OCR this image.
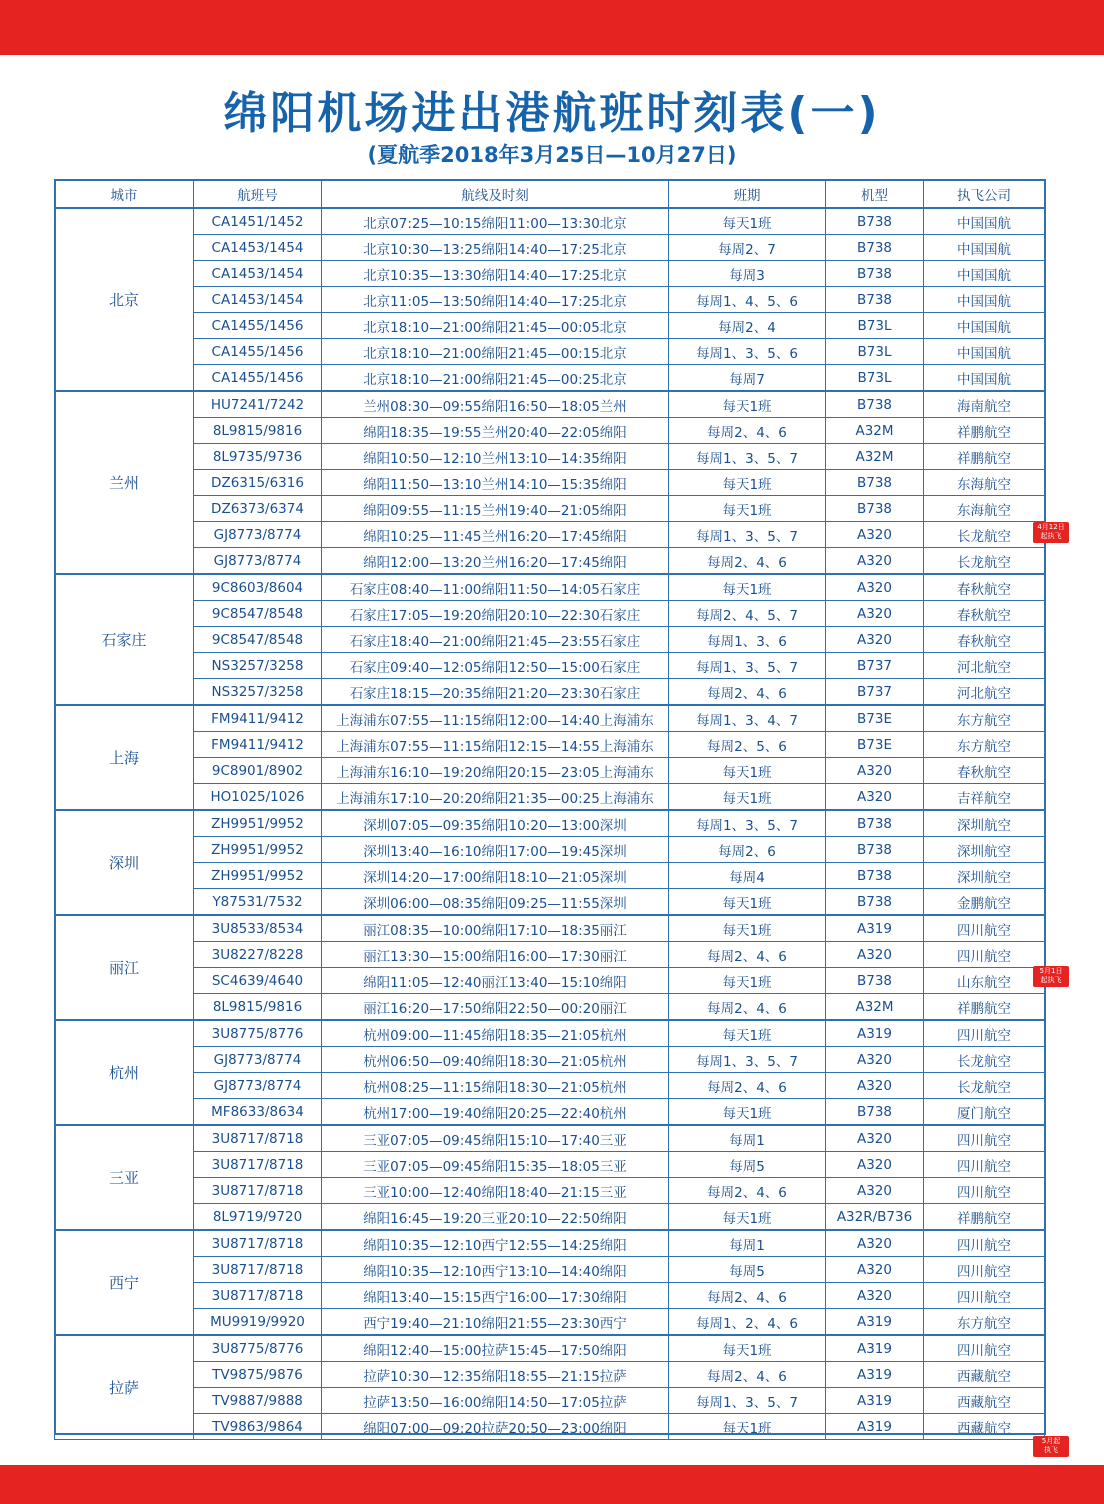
绵阳机场进出港航班时刻表(一)
(夏航季2018年3月25日—10月27日)
城市	航班号	航线及时刻	班期	机型	执飞公司
北京	CA1451/1452	北京07:25—10:15绵阳11:00—13:30北京	每天1班	B738	中国国航
	CA1453/1454	北京10:30—13:25绵阳14:40—17:25北京	每周2、7	B738	中国国航
	CA1453/1454	北京10:35—13:30绵阳14:40—17:25北京	每周3	B738	中国国航
	CA1453/1454	北京11:05—13:50绵阳14:40—17:25北京	每周1、4、5、6	B738	中国国航
	CA1455/1456	北京18:10—21:00绵阳21:45—00:05北京	每周2、4	B73L	中国国航
	CA1455/1456	北京18:10—21:00绵阳21:45—00:15北京	每周1、3、5、6	B73L	中国国航
	CA1455/1456	北京18:10—21:00绵阳21:45—00:25北京	每周7	B73L	中国国航
兰州	HU7241/7242	兰州08:30—09:55绵阳16:50—18:05兰州	每天1班	B738	海南航空
	8L9815/9816	绵阳18:35—19:55兰州20:40—22:05绵阳	每周2、4、6	A32M	祥鹏航空
	8L9735/9736	绵阳10:50—12:10兰州13:10—14:35绵阳	每周1、3、5、7	A32M	祥鹏航空
	DZ6315/6316	绵阳11:50—13:10兰州14:10—15:35绵阳	每天1班	B738	东海航空
	DZ6373/6374	绵阳09:55—11:15兰州19:40—21:05绵阳	每天1班	B738	东海航空
	GJ8773/8774	绵阳10:25—11:45兰州16:20—17:45绵阳	每周1、3、5、7	A320	长龙航空
	GJ8773/8774	绵阳12:00—13:20兰州16:20—17:45绵阳	每周2、4、6	A320	长龙航空
石家庄	9C8603/8604	石家庄08:40—11:00绵阳11:50—14:05石家庄	每天1班	A320	春秋航空
	9C8547/8548	石家庄17:05—19:20绵阳20:10—22:30石家庄	每周2、4、5、7	A320	春秋航空
	9C8547/8548	石家庄18:40—21:00绵阳21:45—23:55石家庄	每周1、3、6	A320	春秋航空
	NS3257/3258	石家庄09:40—12:05绵阳12:50—15:00石家庄	每周1、3、5、7	B737	河北航空
	NS3257/3258	石家庄18:15—20:35绵阳21:20—23:30石家庄	每周2、4、6	B737	河北航空
上海	FM9411/9412	上海浦东07:55—11:15绵阳12:00—14:40上海浦东	每周1、3、4、7	B73E	东方航空
	FM9411/9412	上海浦东07:55—11:15绵阳12:15—14:55上海浦东	每周2、5、6	B73E	东方航空
	9C8901/8902	上海浦东16:10—19:20绵阳20:15—23:05上海浦东	每天1班	A320	春秋航空
	HO1025/1026	上海浦东17:10—20:20绵阳21:35—00:25上海浦东	每天1班	A320	吉祥航空
深圳	ZH9951/9952	深圳07:05—09:35绵阳10:20—13:00深圳	每周1、3、5、7	B738	深圳航空
	ZH9951/9952	深圳13:40—16:10绵阳17:00—19:45深圳	每周2、6	B738	深圳航空
	ZH9951/9952	深圳14:20—17:00绵阳18:10—21:05深圳	每周4	B738	深圳航空
	Y87531/7532	深圳06:00—08:35绵阳09:25—11:55深圳	每天1班	B738	金鹏航空
丽江	3U8533/8534	丽江08:35—10:00绵阳17:10—18:35丽江	每天1班	A319	四川航空
	3U8227/8228	丽江13:30—15:00绵阳16:00—17:30丽江	每周2、4、6	A320	四川航空
	SC4639/4640	绵阳11:05—12:40丽江13:40—15:10绵阳	每天1班	B738	山东航空
	8L9815/9816	丽江16:20—17:50绵阳22:50—00:20丽江	每周2、4、6	A32M	祥鹏航空
杭州	3U8775/8776	杭州09:00—11:45绵阳18:35—21:05杭州	每天1班	A319	四川航空
	GJ8773/8774	杭州06:50—09:40绵阳18:30—21:05杭州	每周1、3、5、7	A320	长龙航空
	GJ8773/8774	杭州08:25—11:15绵阳18:30—21:05杭州	每周2、4、6	A320	长龙航空
	MF8633/8634	杭州17:00—19:40绵阳20:25—22:40杭州	每天1班	B738	厦门航空
三亚	3U8717/8718	三亚07:05—09:45绵阳15:10—17:40三亚	每周1	A320	四川航空
	3U8717/8718	三亚07:05—09:45绵阳15:35—18:05三亚	每周5	A320	四川航空
	3U8717/8718	三亚10:00—12:40绵阳18:40—21:15三亚	每周2、4、6	A320	四川航空
	8L9719/9720	绵阳16:45—19:20三亚20:10—22:50绵阳	每天1班	A32R/B736	祥鹏航空
西宁	3U8717/8718	绵阳10:35—12:10西宁12:55—14:25绵阳	每周1	A320	四川航空
	3U8717/8718	绵阳10:35—12:10西宁13:10—14:40绵阳	每周5	A320	四川航空
	3U8717/8718	绵阳13:40—15:15西宁16:00—17:30绵阳	每周2、4、6	A320	四川航空
	MU9919/9920	西宁19:40—21:10绵阳21:55—23:30西宁	每周1、2、4、6	A319	东方航空
拉萨	3U8775/8776	绵阳12:40—15:00拉萨15:45—17:50绵阳	每天1班	A319	四川航空
	TV9875/9876	拉萨10:30—12:35绵阳18:55—21:15拉萨	每周2、4、6	A319	西藏航空
	TV9887/9888	拉萨13:50—16:00绵阳14:50—17:05拉萨	每周1、3、5、7	A319	西藏航空
	TV9863/9864	绵阳07:00—09:20拉萨20:50—23:00绵阳	每天1班	A319	西藏航空
4月12日
起执飞
5月1日
起执飞
5月起
执飞
